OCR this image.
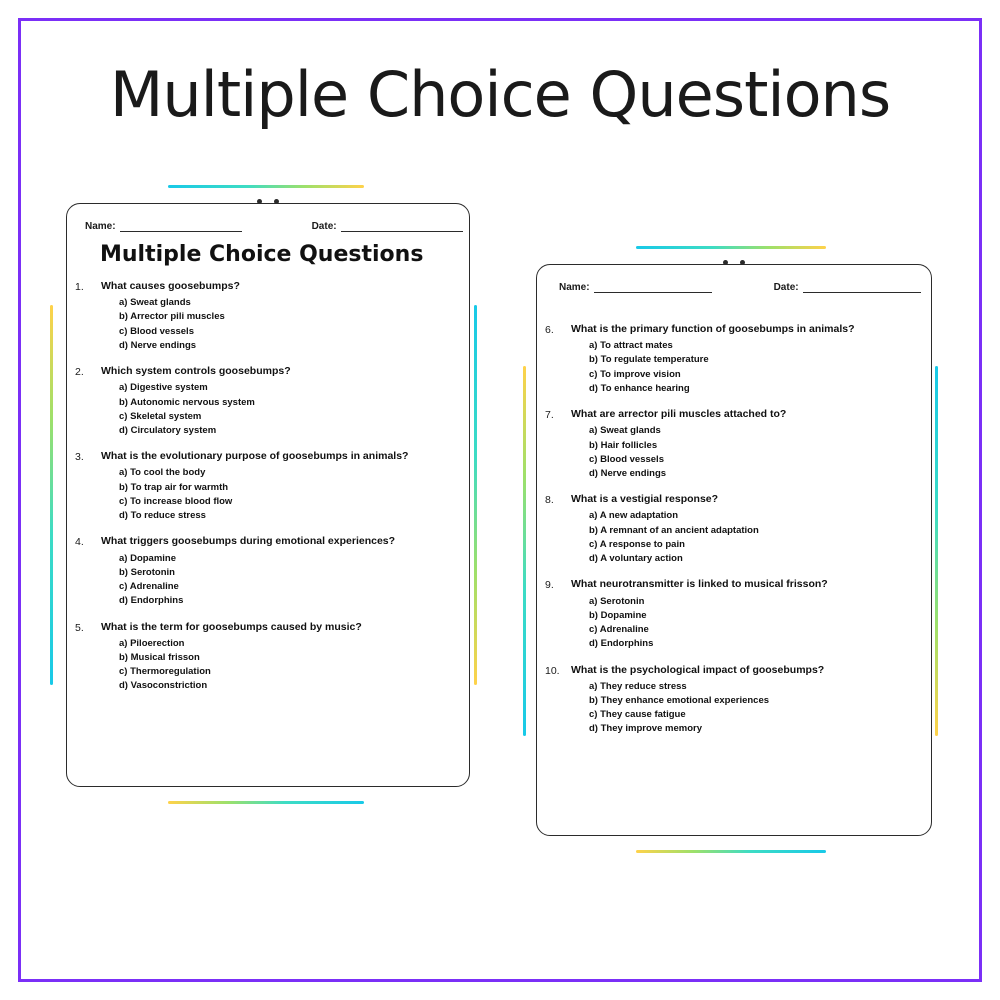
Multiple Choice Questions
Name:	Date:
Multiple Choice Questions
1.	What causes goosebumps?
a) Sweat glands
b) Arrector pili muscles
c) Blood vessels
d) Nerve endings
2.	Which system controls goosebumps?
a) Digestive system
b) Autonomic nervous system
c) Skeletal system
d) Circulatory system
3.	What is the evolutionary purpose of goosebumps in animals?
a) To cool the body
b) To trap air for warmth
c) To increase blood flow
d) To reduce stress
4.	What triggers goosebumps during emotional experiences?
a) Dopamine
b) Serotonin
c) Adrenaline
d) Endorphins
5.	What is the term for goosebumps caused by music?
a) Piloerection
b) Musical frisson
c) Thermoregulation
d) Vasoconstriction
Name:	Date:
6.	What is the primary function of goosebumps in animals?
a) To attract mates
b) To regulate temperature
c) To improve vision
d) To enhance hearing
7.	What are arrector pili muscles attached to?
a) Sweat glands
b) Hair follicles
c) Blood vessels
d) Nerve endings
8.	What is a vestigial response?
a) A new adaptation
b) A remnant of an ancient adaptation
c) A response to pain
d) A voluntary action
9.	What neurotransmitter is linked to musical frisson?
a) Serotonin
b) Dopamine
c) Adrenaline
d) Endorphins
10.	What is the psychological impact of goosebumps?
a) They reduce stress
b) They enhance emotional experiences
c) They cause fatigue
d) They improve memory
